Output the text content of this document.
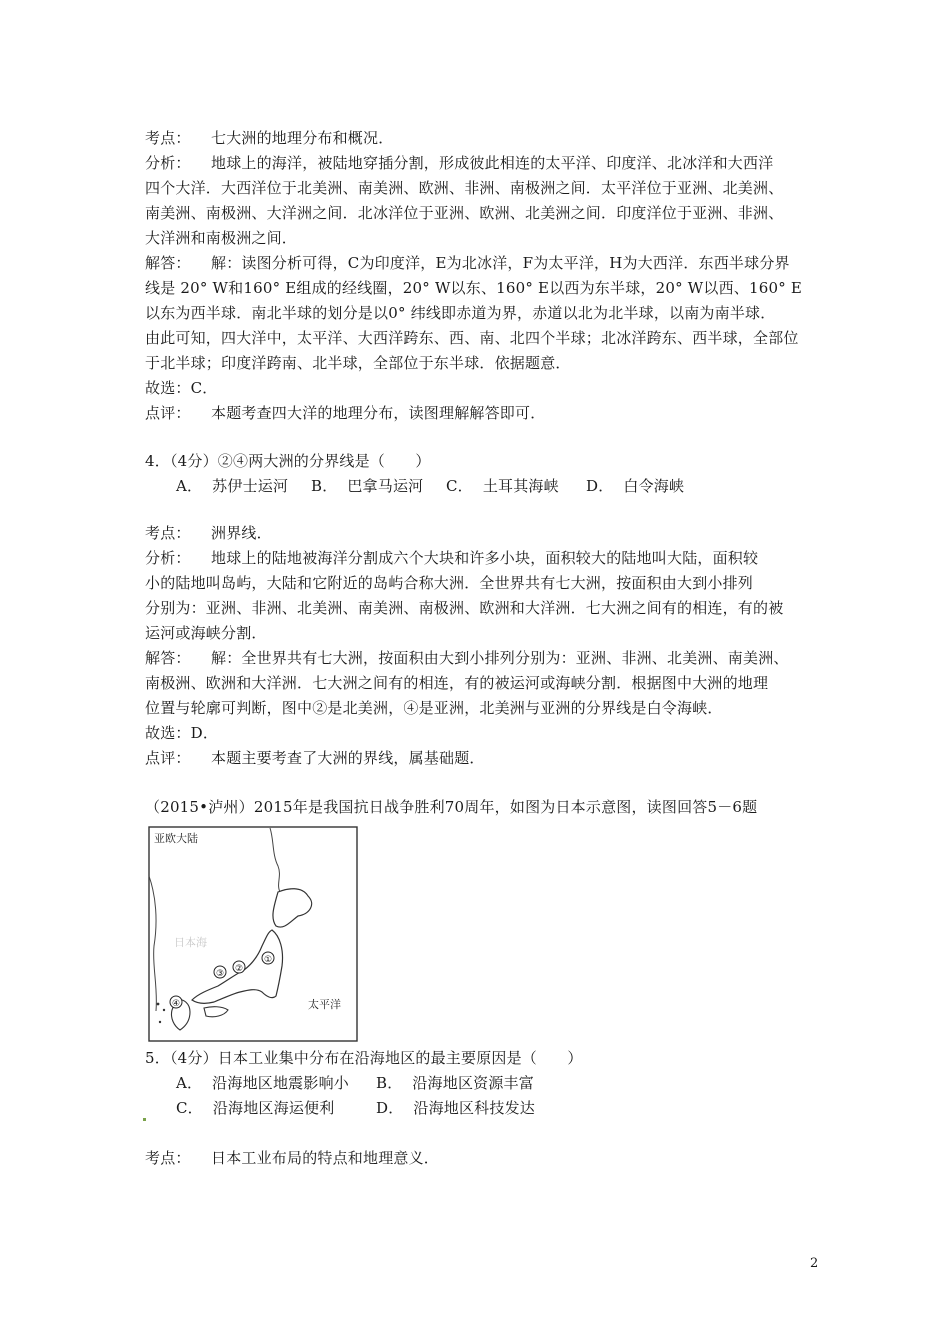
考点： 七大洲的地理分布和概况．
分析： 地球上的海洋，被陆地穿插分割，形成彼此相连的太平洋、印度洋、北冰洋和大西洋
四个大洋．大西洋位于北美洲、南美洲、欧洲、非洲、南极洲之间．太平洋位于亚洲、北美洲、
南美洲、南极洲、大洋洲之间．北冰洋位于亚洲、欧洲、北美洲之间．印度洋位于亚洲、非洲、
大洋洲和南极洲之间．
解答： 解：读图分析可得，C为印度洋，E为北冰洋，F为太平洋，H为大西洋．东西半球分界
线是 20° W和160° E组成的经线圈，20° W以东、160° E以西为东半球，20° W以西、160° E
以东为西半球．南北半球的划分是以0° 纬线即赤道为界，赤道以北为北半球，以南为南半球．
由此可知，四大洋中，太平洋、大西洋跨东、西、南、北四个半球；北冰洋跨东、西半球，全部位
于北半球；印度洋跨南、北半球，全部位于东半球．依据题意．
故选：C．
点评： 本题考查四大洋的地理分布，读图理解解答即可．
4．（4分）②④两大洲的分界线是（　　）
A．  苏伊士运河 B．  巴拿马运河 C．  土耳其海峡 D．  白令海峡
考点： 洲界线．
分析： 地球上的陆地被海洋分割成六个大块和许多小块，面积较大的陆地叫大陆，面积较
小的陆地叫岛屿，大陆和它附近的岛屿合称大洲．全世界共有七大洲，按面积由大到小排列
分别为：亚洲、非洲、北美洲、南美洲、南极洲、欧洲和大洋洲．七大洲之间有的相连，有的被
运河或海峡分割．
解答： 解：全世界共有七大洲，按面积由大到小排列分别为：亚洲、非洲、北美洲、南美洲、
南极洲、欧洲和大洋洲．七大洲之间有的相连，有的被运河或海峡分割．根据图中大洲的地理
位置与轮廓可判断，图中②是北美洲，④是亚洲，北美洲与亚洲的分界线是白令海峡．
故选：D．
点评： 本题主要考查了大洲的界线，属基础题．
（2015•泸州）2015年是我国抗日战争胜利70周年，如图为日本示意图，读图回答5－6题
①
②
③
④
亚欧大陆
日本海
太平洋
5．（4分）日本工业集中分布在沿海地区的最主要原因是（　　）
A．  沿海地区地震影响小 B．  沿海地区资源丰富
C．  沿海地区海运便利	D．  沿海地区科技发达
考点： 日本工业布局的特点和地理意义．
2
